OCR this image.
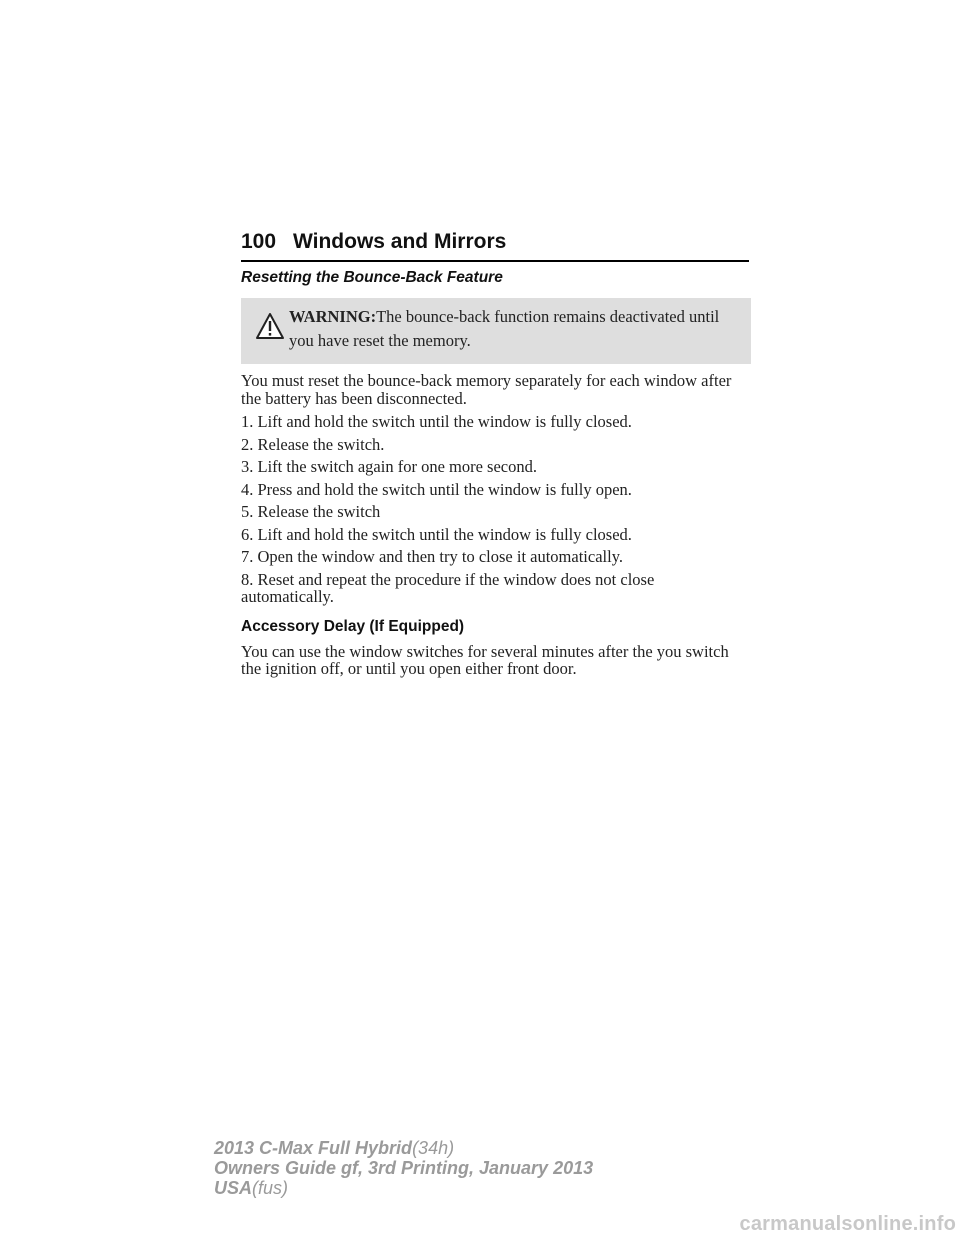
100 Windows and Mirrors
Resetting the Bounce-Back Feature
WARNING:The bounce-back function remains deactivated until you have reset the memory.

You must reset the bounce-back memory separately for each window after the battery has been disconnected.

1. Lift and hold the switch until the window is fully closed.

2. Release the switch.

3. Lift the switch again for one more second.

4. Press and hold the switch until the window is fully open.

5. Release the switch

6. Lift and hold the switch until the window is fully closed.

7. Open the window and then try to close it automatically.

8. Reset and repeat the procedure if the window does not close automatically.

Accessory Delay (If Equipped)

You can use the window switches for several minutes after the you switch the ignition off, or until you open either front door.

2013 C-Max Full Hybrid(34h)
Owners Guide gf, 3rd Printing, January 2013
USA(fus)
carmanualsonline.info
